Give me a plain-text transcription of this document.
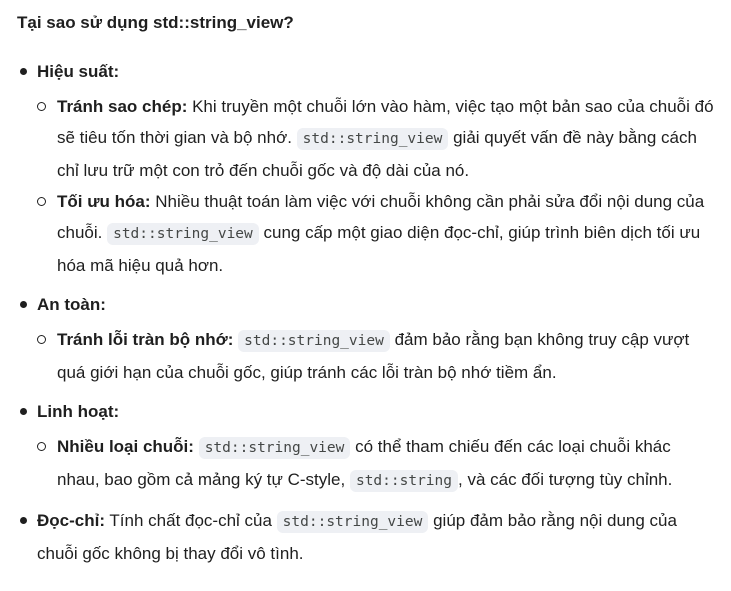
Tại sao sử dụng std::string_view?
Hiệu suất:
Tránh sao chép: Khi truyền một chuỗi lớn vào hàm, việc tạo một bản sao của chuỗi đó sẽ tiêu tốn thời gian và bộ nhớ. std::string_view giải quyết vấn đề này bằng cách chỉ lưu trữ một con trỏ đến chuỗi gốc và độ dài của nó.
Tối ưu hóa: Nhiều thuật toán làm việc với chuỗi không cần phải sửa đổi nội dung của chuỗi. std::string_view cung cấp một giao diện đọc-chỉ, giúp trình biên dịch tối ưu hóa mã hiệu quả hơn.
An toàn:
Tránh lỗi tràn bộ nhớ: std::string_view đảm bảo rằng bạn không truy cập vượt quá giới hạn của chuỗi gốc, giúp tránh các lỗi tràn bộ nhớ tiềm ẩn.
Linh hoạt:
Nhiều loại chuỗi: std::string_view có thể tham chiếu đến các loại chuỗi khác nhau, bao gồm cả mảng ký tự C-style, std::string , và các đối tượng tùy chỉnh.
Đọc-chỉ: Tính chất đọc-chỉ của std::string_view giúp đảm bảo rằng nội dung của chuỗi gốc không bị thay đổi vô tình.
